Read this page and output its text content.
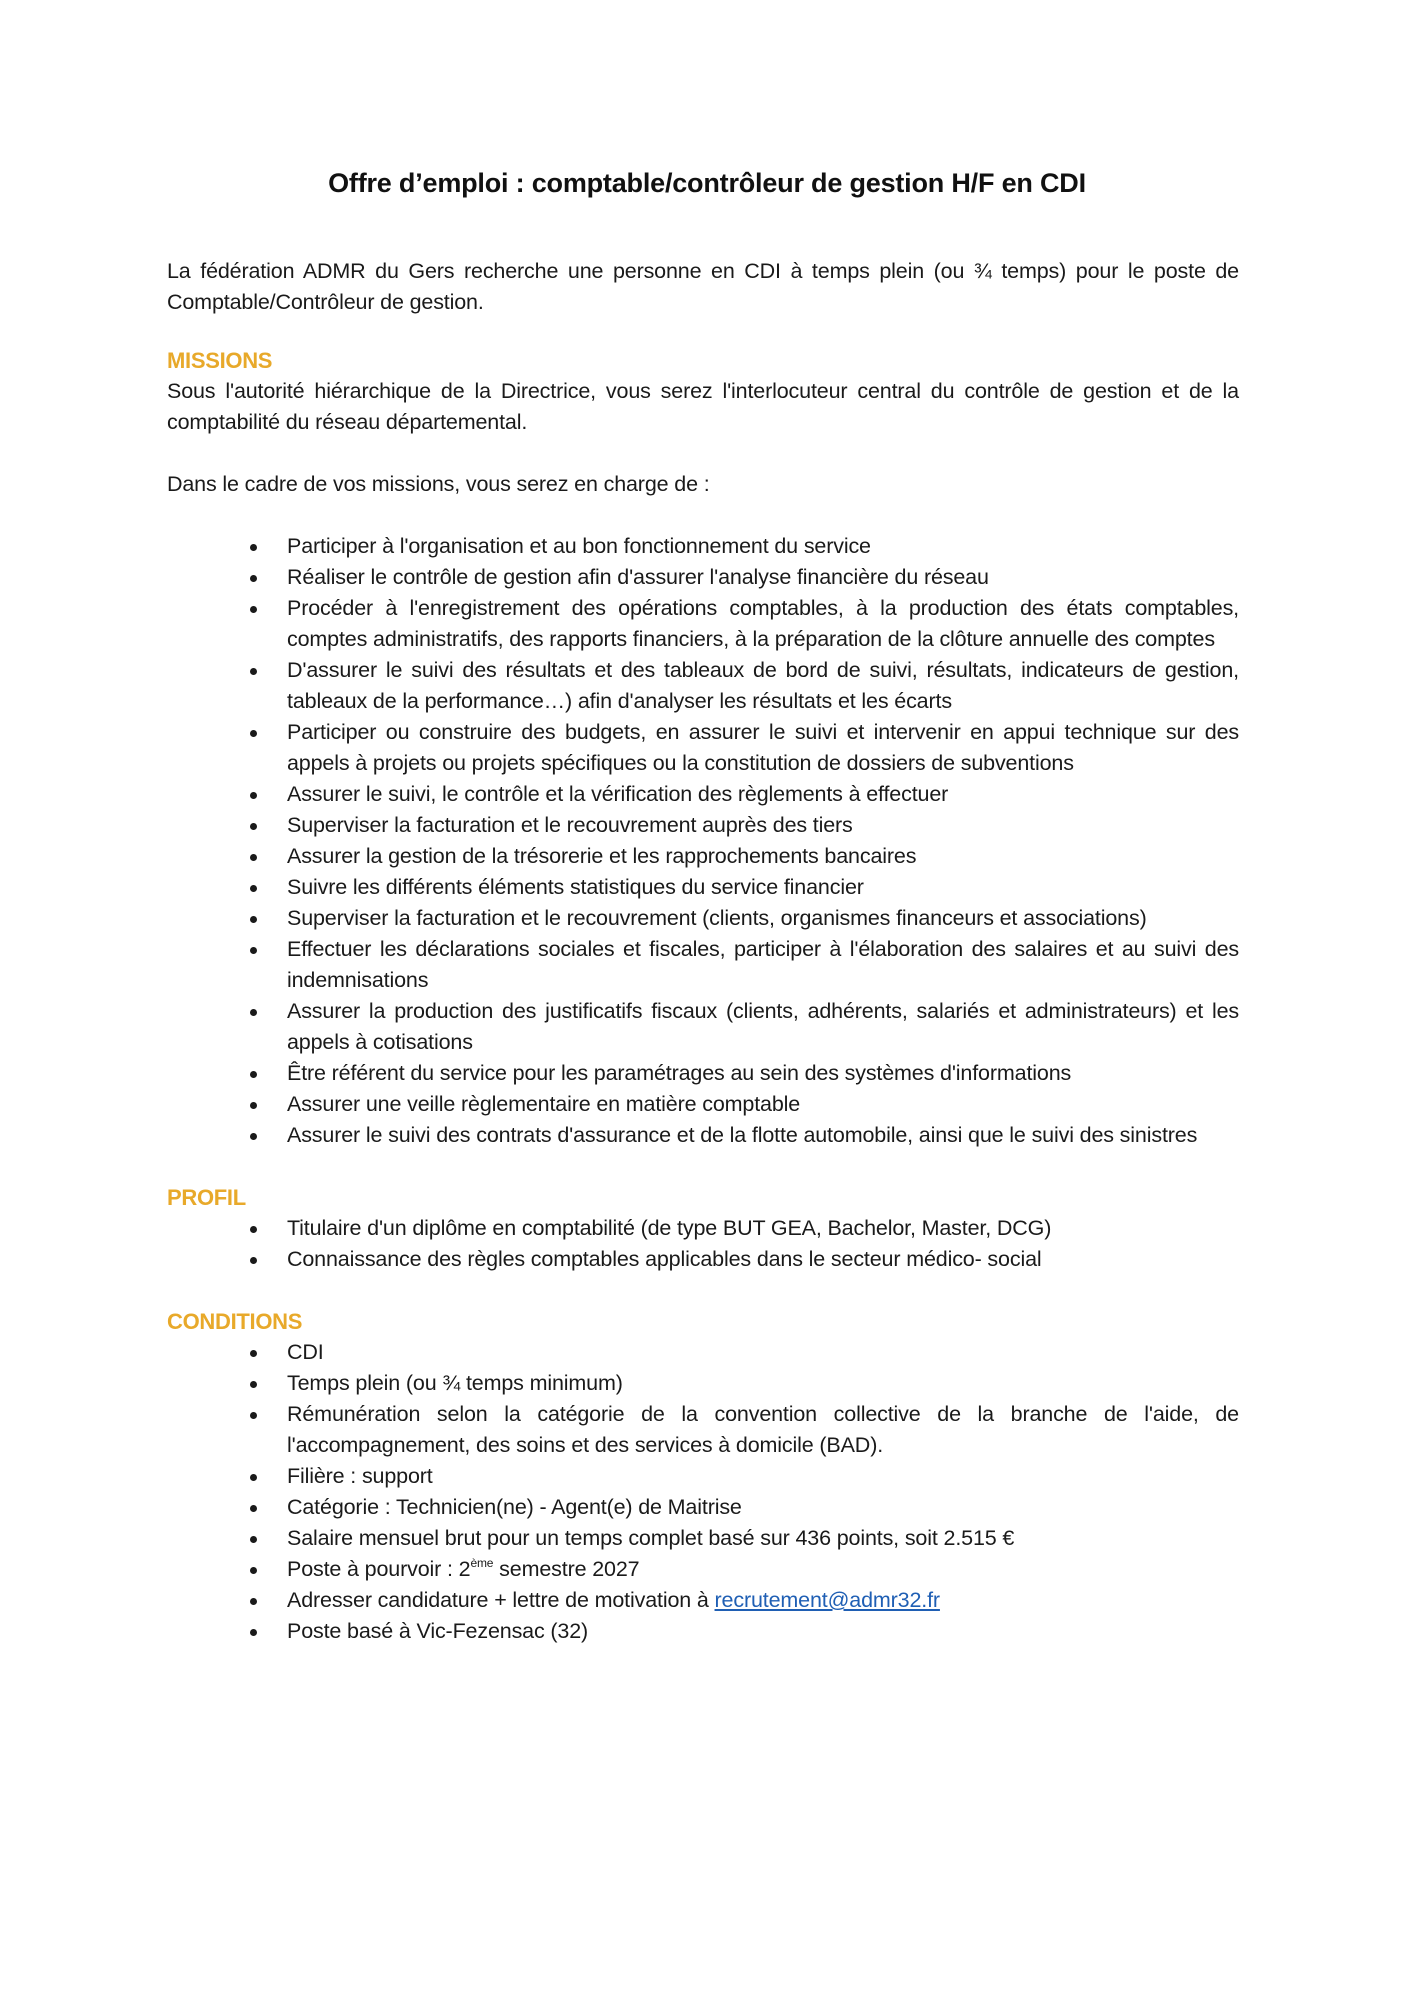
Offre d’emploi : comptable/contrôleur de gestion H/F en CDI

La fédération ADMR du Gers recherche une personne en CDI à temps plein (ou ¾ temps) pour le poste de Comptable/Contrôleur de gestion.

MISSIONS

Sous l'autorité hiérarchique de la Directrice, vous serez l'interlocuteur central du contrôle de gestion et de la comptabilité du réseau départemental.

Dans le cadre de vos missions, vous serez en charge de :

Participer à l'organisation et au bon fonctionnement du service
Réaliser le contrôle de gestion afin d'assurer l'analyse financière du réseau
Procéder à l'enregistrement des opérations comptables, à la production des états comptables, comptes administratifs, des rapports financiers, à la préparation de la clôture annuelle des comptes
D'assurer le suivi des résultats et des tableaux de bord de suivi, résultats, indicateurs de gestion, tableaux de la performance…) afin d'analyser les résultats et les écarts
Participer ou construire des budgets, en assurer le suivi et intervenir en appui technique sur des appels à projets ou projets spécifiques ou la constitution de dossiers de subventions
Assurer le suivi, le contrôle et la vérification des règlements à effectuer
Superviser la facturation et le recouvrement auprès des tiers
Assurer la gestion de la trésorerie et les rapprochements bancaires
Suivre les différents éléments statistiques du service financier
Superviser la facturation et le recouvrement (clients, organismes financeurs et associations)
Effectuer les déclarations sociales et fiscales, participer à l'élaboration des salaires et au suivi des indemnisations
Assurer la production des justificatifs fiscaux (clients, adhérents, salariés et administrateurs) et les appels à cotisations
Être référent du service pour les paramétrages au sein des systèmes d'informations
Assurer une veille règlementaire en matière comptable
Assurer le suivi des contrats d'assurance et de la flotte automobile, ainsi que le suivi des sinistres
PROFIL
Titulaire d'un diplôme en comptabilité (de type BUT GEA, Bachelor, Master, DCG)
Connaissance des règles comptables applicables dans le secteur médico- social
CONDITIONS
CDI
Temps plein (ou ¾ temps minimum)
Rémunération selon la catégorie de la convention collective de la branche de l'aide, de l'accompagnement, des soins et des services à domicile (BAD).
Filière : support
Catégorie : Technicien(ne) - Agent(e) de Maitrise
Salaire mensuel brut pour un temps complet basé sur 436 points, soit 2.515 €
Poste à pourvoir : 2ème semestre 2027
Adresser candidature + lettre de motivation à recrutement@admr32.fr
Poste basé à Vic-Fezensac (32)
